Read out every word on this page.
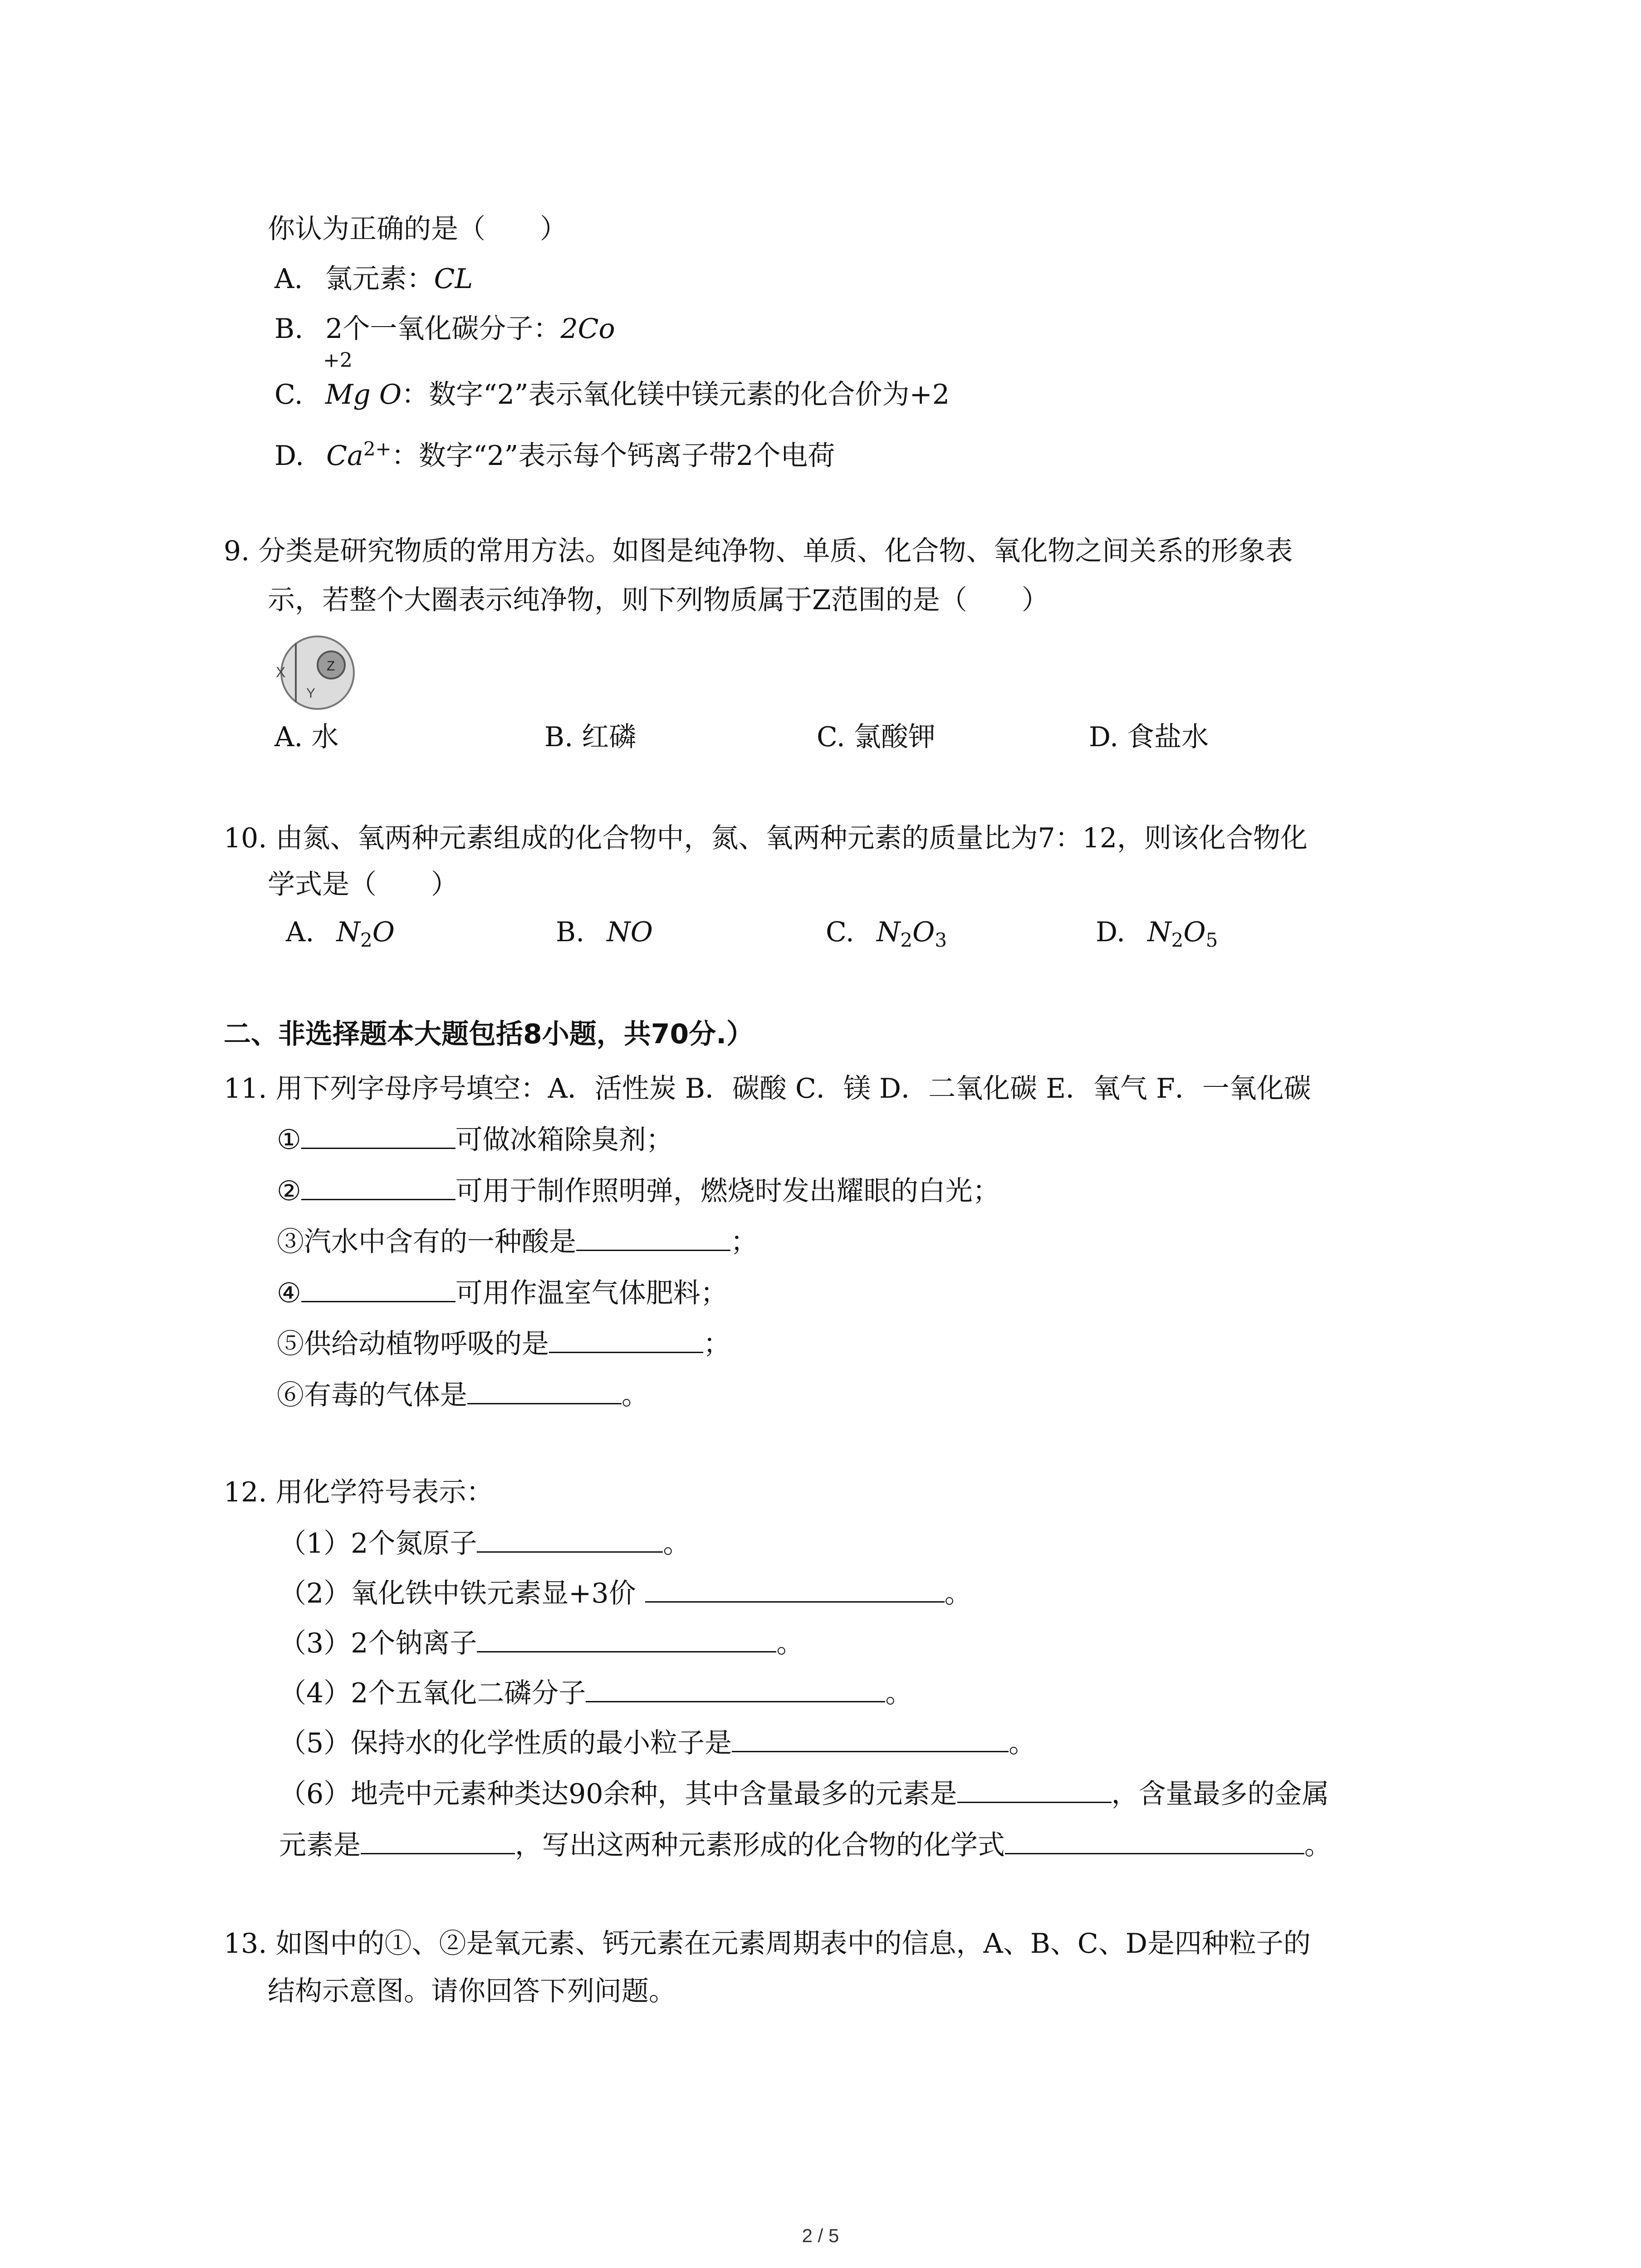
你认为正确的是（　　）
A. 氯元素：CL
B. 2个一氧化碳分子：2Co
+2
C. Mg O：数字“2”表示氧化镁中镁元素的化合价为+2
D. $Ca^{2+}$：数字“2”表示每个钙离子带2个电荷
9. 分类是研究物质的常用方法。如图是纯净物、单质、化合物、氧化物之间关系的形象表
示，若整个大圈表示纯净物，则下列物质属于Z范围的是（　　）
X
Y
Z
A. 水	B. 红磷	C. 氯酸钾	D. 食盐水
10. 由氮、氧两种元素组成的化合物中，氮、氧两种元素的质量比为7：12，则该化合物化
学式是（　　）
A. $N_2O$	B. NO	C. $N_2O_3$	D. $N_2O_5$
二、非选择题本大题包括8小题，共70分.）
11. 用下列字母序号填空：A．活性炭 B．碳酸 C．镁 D．二氧化碳 E．氧气 F．一氧化碳
①	可做冰箱除臭剂；
②	可用于制作照明弹，燃烧时发出耀眼的白光；
③汽水中含有的一种酸是	；
④	可用作温室气体肥料；
⑤供给动植物呼吸的是	；
⑥有毒的气体是	。
12. 用化学符号表示：
（1）2个氮原子	。
（2）氧化铁中铁元素显+3价	。
（3）2个钠离子	。
（4）2个五氧化二磷分子	。
（5）保持水的化学性质的最小粒子是	。
（6）地壳中元素种类达90余种，其中含量最多的元素是	，含量最多的金属
元素是	，写出这两种元素形成的化合物的化学式	。
13. 如图中的①、②是氧元素、钙元素在元素周期表中的信息，A、B、C、D是四种粒子的
结构示意图。请你回答下列问题。
2 / 5
